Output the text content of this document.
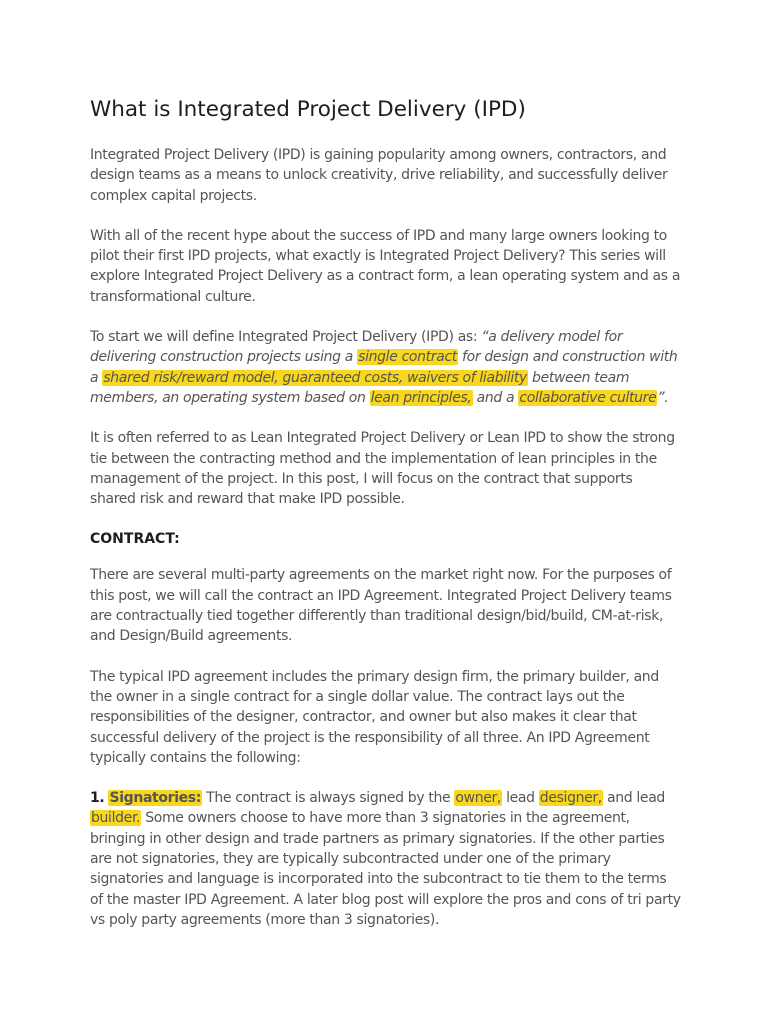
What is Integrated Project Delivery (IPD)

Integrated Project Delivery (IPD) is gaining popularity among owners, contractors, and design teams as a means to unlock creativity, drive reliability, and successfully deliver complex capital projects.

With all of the recent hype about the success of IPD and many large owners looking to pilot their first IPD projects, what exactly is Integrated Project Delivery? This series will explore Integrated Project Delivery as a contract form, a lean operating system and as a transformational culture.

To start we will define Integrated Project Delivery (IPD) as: “a delivery model for delivering construction projects using a single contract for design and construction with a shared risk/reward model, guaranteed costs, waivers of liability between team members, an operating system based on lean principles, and a collaborative culture”.

It is often referred to as Lean Integrated Project Delivery or Lean IPD to show the strong tie between the contracting method and the implementation of lean principles in the management of the project. In this post, I will focus on the contract that supports shared risk and reward that make IPD possible.

CONTRACT:

There are several multi-party agreements on the market right now. For the purposes of this post, we will call the contract an IPD Agreement. Integrated Project Delivery teams are contractually tied together differently than traditional design/bid/build, CM-at-risk, and Design/Build agreements.

The typical IPD agreement includes the primary design firm, the primary builder, and the owner in a single contract for a single dollar value. The contract lays out the responsibilities of the designer, contractor, and owner but also makes it clear that successful delivery of the project is the responsibility of all three. An IPD Agreement typically contains the following:

1. Signatories: The contract is always signed by the owner, lead designer, and lead builder. Some owners choose to have more than 3 signatories in the agreement, bringing in other design and trade partners as primary signatories. If the other parties are not signatories, they are typically subcontracted under one of the primary signatories and language is incorporated into the subcontract to tie them to the terms of the master IPD Agreement. A later blog post will explore the pros and cons of tri party vs poly party agreements (more than 3 signatories).
